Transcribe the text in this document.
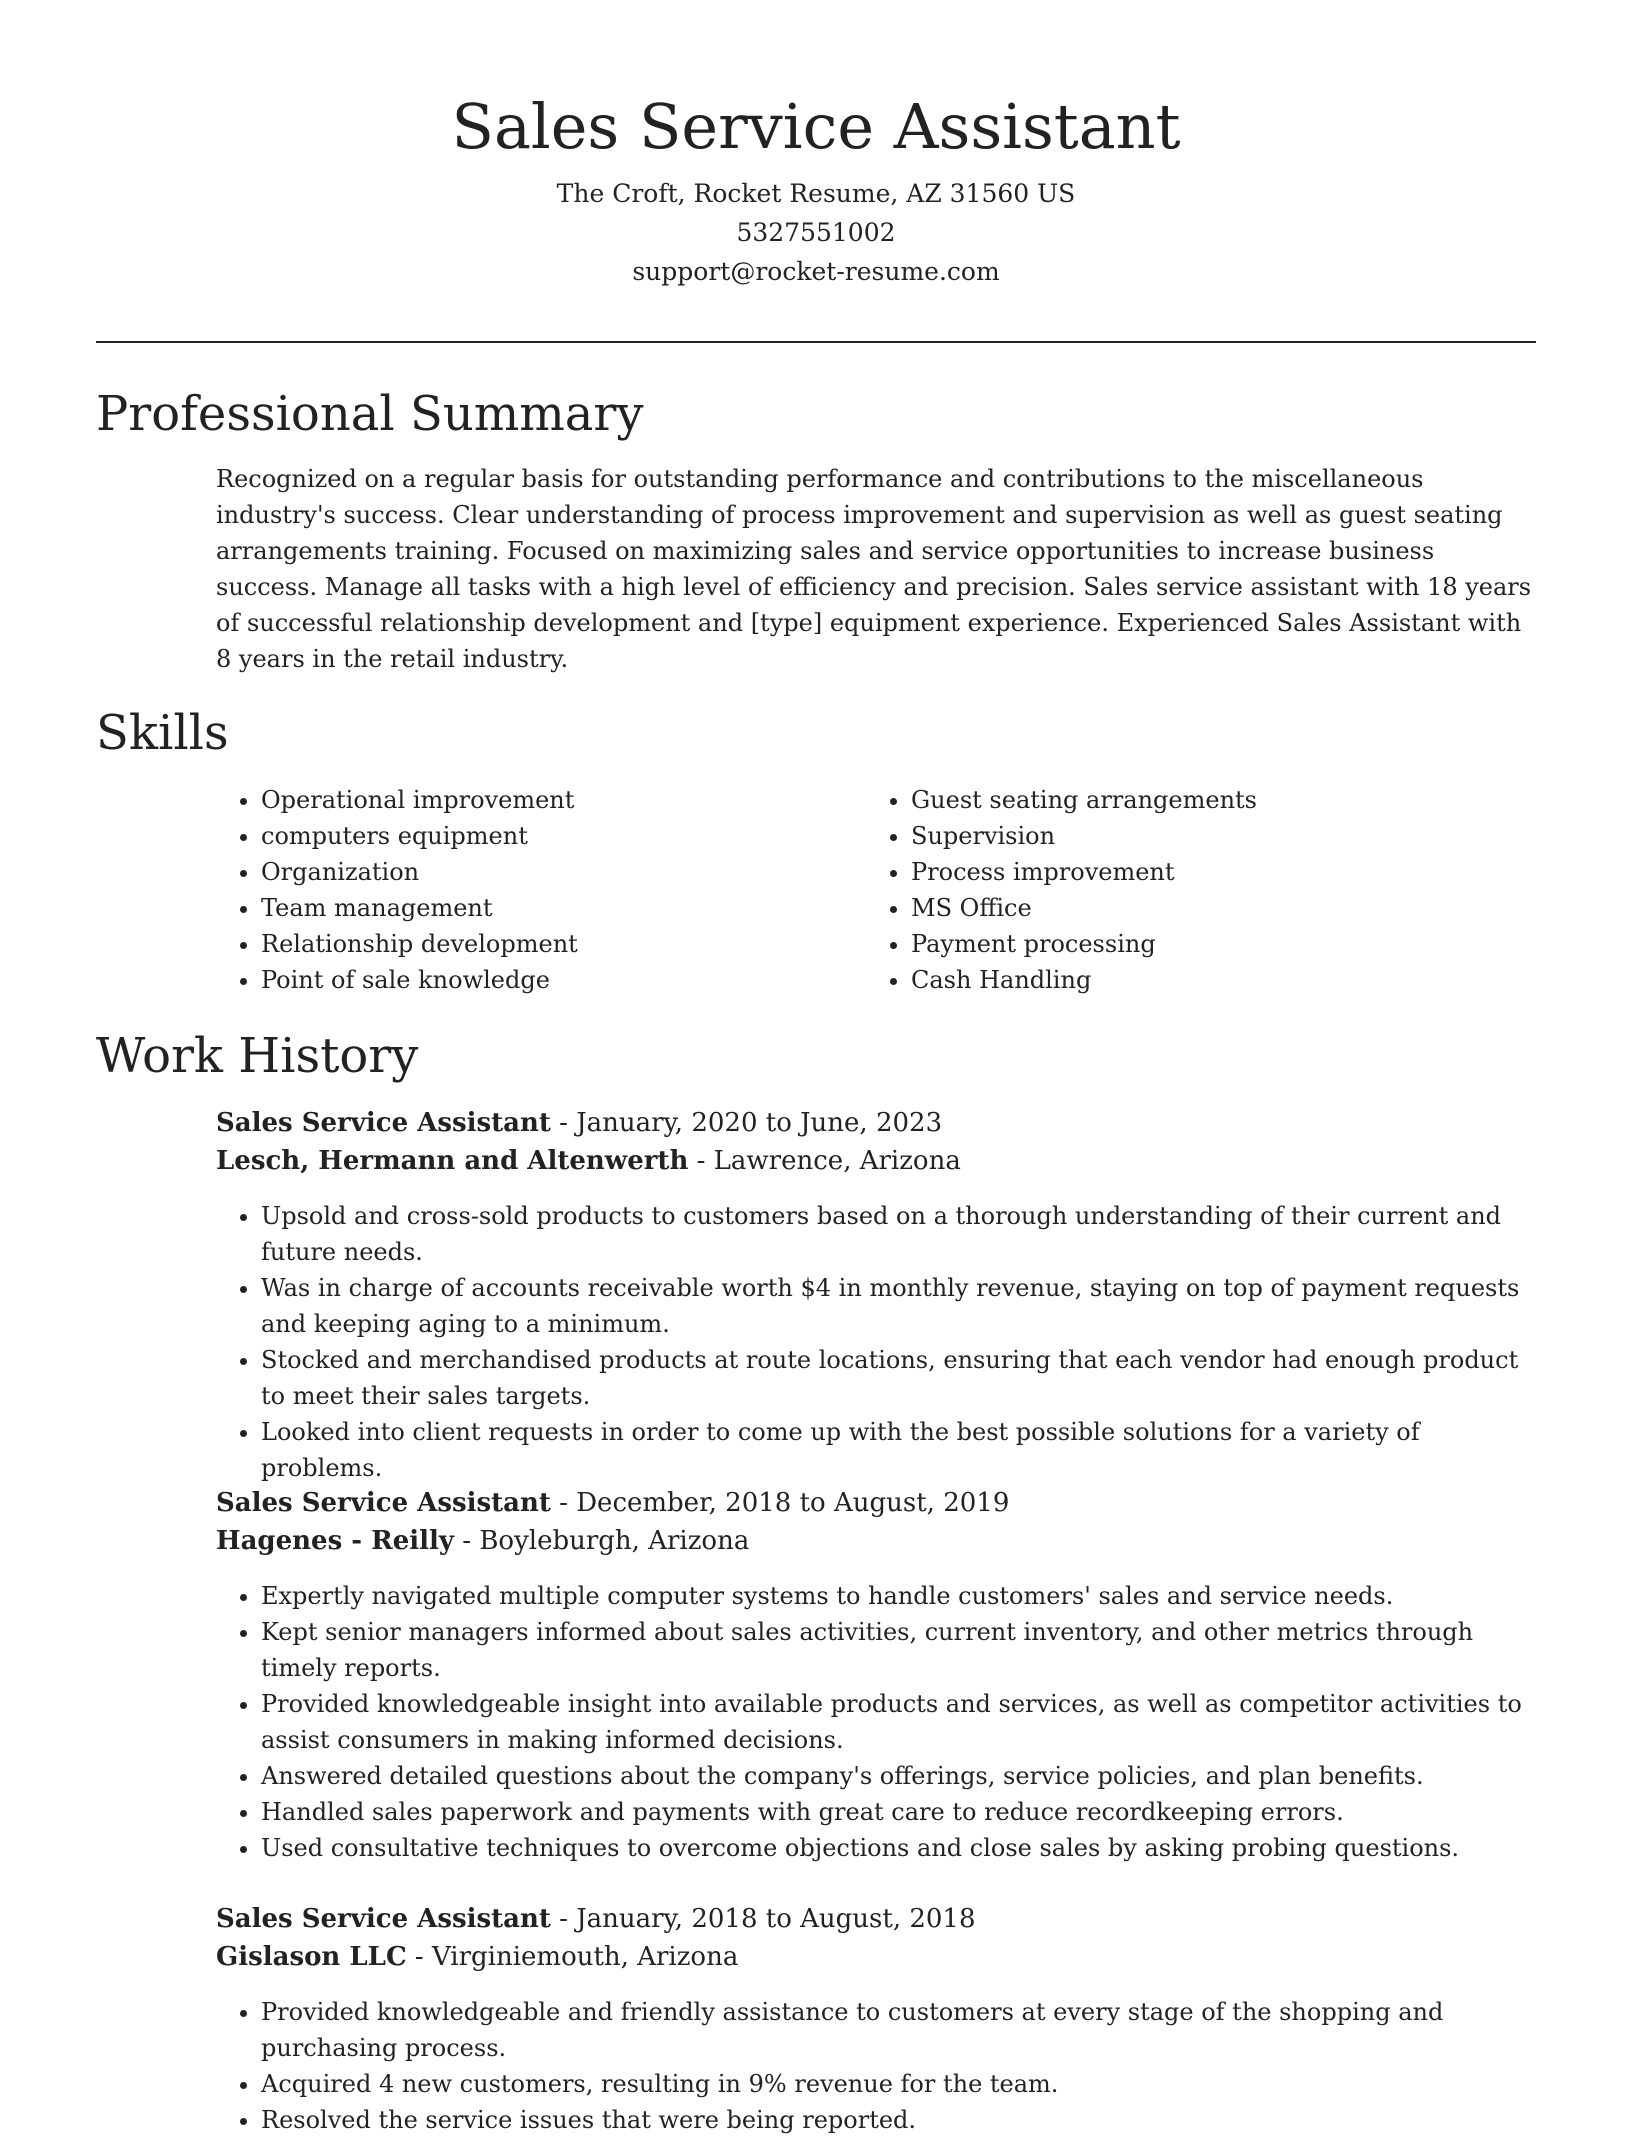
Sales Service Assistant

The Croft, Rocket Resume, AZ 31560 US

5327551002

support@rocket-resume.com

Professional Summary

Recognized on a regular basis for outstanding performance and contributions to the miscellaneous industry's success. Clear understanding of process improvement and supervision as well as guest seating arrangements training. Focused on maximizing sales and service opportunities to increase business success. Manage all tasks with a high level of efficiency and precision. Sales service assistant with 18 years of successful relationship development and [type] equipment experience. Experienced Sales Assistant with 8 years in the retail industry.

Skills
• Operational improvement
• computers equipment
• Organization
• Team management
• Relationship development
• Point of sale knowledge
• Guest seating arrangements
• Supervision
• Process improvement
• MS Office
• Payment processing
• Cash Handling
Work History
Sales Service Assistant - January, 2020 to June, 2023
Lesch, Hermann and Altenwerth - Lawrence, Arizona
• Upsold and cross-sold products to customers based on a thorough understanding of their current and future needs.
• Was in charge of accounts receivable worth $4 in monthly revenue, staying on top of payment requests and keeping aging to a minimum.
• Stocked and merchandised products at route locations, ensuring that each vendor had enough product to meet their sales targets.
• Looked into client requests in order to come up with the best possible solutions for a variety of problems.
Sales Service Assistant - December, 2018 to August, 2019
Hagenes - Reilly - Boyleburgh, Arizona
• Expertly navigated multiple computer systems to handle customers' sales and service needs.
• Kept senior managers informed about sales activities, current inventory, and other metrics through timely reports.
• Provided knowledgeable insight into available products and services, as well as competitor activities to assist consumers in making informed decisions.
• Answered detailed questions about the company's offerings, service policies, and plan benefits.
• Handled sales paperwork and payments with great care to reduce recordkeeping errors.
• Used consultative techniques to overcome objections and close sales by asking probing questions.
Sales Service Assistant - January, 2018 to August, 2018
Gislason LLC - Virginiemouth, Arizona
• Provided knowledgeable and friendly assistance to customers at every stage of the shopping and purchasing process.
• Acquired 4 new customers, resulting in 9% revenue for the team.
• Resolved the service issues that were being reported.
